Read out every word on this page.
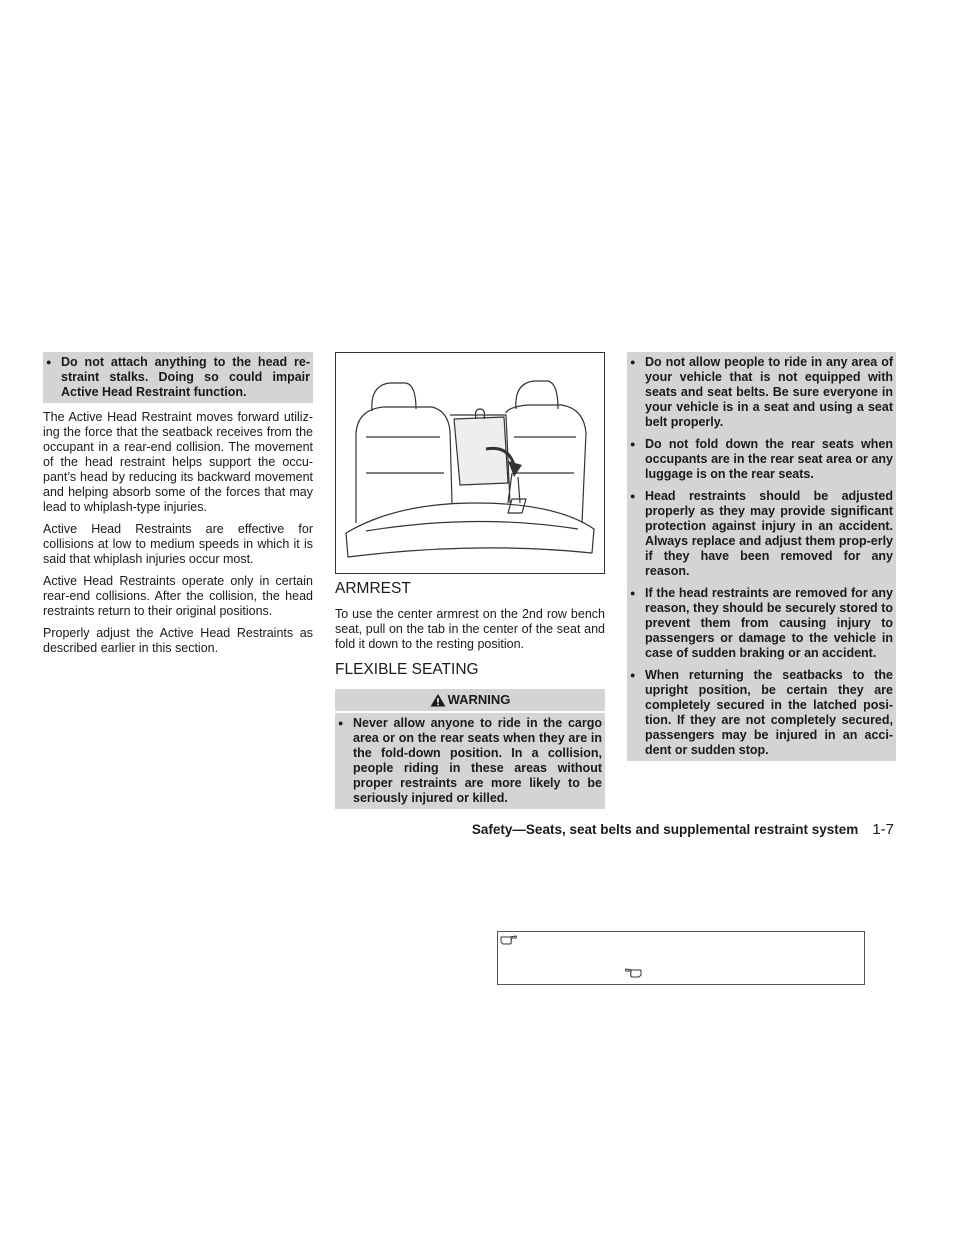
● Do not attach anything to the head re-straint stalks. Doing so could impair Active Head Restraint function.

The Active Head Restraint moves forward utiliz-ing the force that the seatback receives from the occupant in a rear-end collision. The movement of the head restraint helps support the occu-pant’s head by reducing its backward movement and helping absorb some of the forces that may lead to whiplash-type injuries.

Active Head Restraints are effective for collisions at low to medium speeds in which it is said that whiplash injuries occur most.

Active Head Restraints operate only in certain rear-end collisions. After the collision, the head restraints return to their original positions.

Properly adjust the Active Head Restraints as described earlier in this section.

ARMREST

To use the center armrest on the 2nd row bench seat, pull on the tab in the center of the seat and fold it down to the resting position.

FLEXIBLE SEATING
WARNING

● Never allow anyone to ride in the cargo area or on the rear seats when they are in the fold-down position. In a collision, people riding in these areas without proper restraints are more likely to be seriously injured or killed.

● Do not allow people to ride in any area of your vehicle that is not equipped with seats and seat belts. Be sure everyone in your vehicle is in a seat and using a seat belt properly.

● Do not fold down the rear seats when occupants are in the rear seat area or any luggage is on the rear seats.

● Head restraints should be adjusted properly as they may provide significant protection against injury in an accident. Always replace and adjust them prop-erly if they have been removed for any reason.

● If the head restraints are removed for any reason, they should be securely stored to prevent them from causing injury to passengers or damage to the vehicle in case of sudden braking or an accident.

● When returning the seatbacks to the upright position, be certain they are completely secured in the latched posi-tion. If they are not completely secured, passengers may be injured in an acci-dent or sudden stop.

Safety—Seats, seat belts and supplemental restraint system 1-7
